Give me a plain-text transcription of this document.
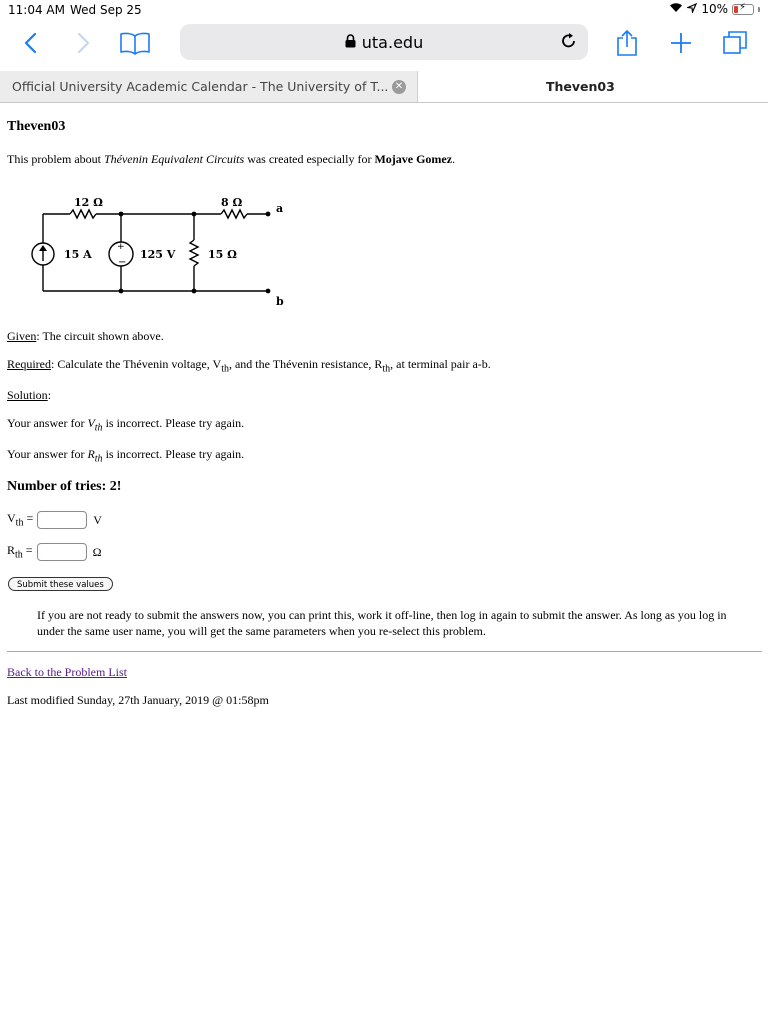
11:04 AM Wed Sep 25	10% ⚡
uta.edu
Official University Academic Calendar - The University of T... ✕	Theven03
Theven03
This problem about Thévenin Equivalent Circuits was created especially for Mojave Gomez.
+
−
12 Ω	8 Ω	a
15 A	125 V	15 Ω
b
Given: The circuit shown above.
Required: Calculate the Thévenin voltage, $V_{th}$, and the Thévenin resistance, $R_{th}$, at terminal pair a-b.
Solution:
Your answer for $V_{th}$ is incorrect. Please try again.
Your answer for $R_{th}$ is incorrect. Please try again.
Number of tries: 2!
$V_{th}$ =	V
$R_{th}$ =	Ω
Submit these values
If you are not ready to submit the answers now, you can print this, work it off-line, then log in again to submit the answer. As long as you log in under the same user name, you will get the same parameters when you re-select this problem.
Back to the Problem List
Last modified Sunday, 27th January, 2019 @ 01:58pm
